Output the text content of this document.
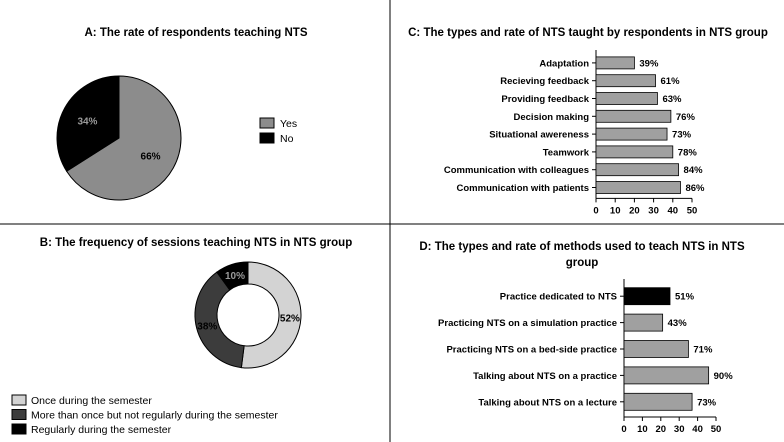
A: The rate of respondents teaching NTS
66%
34%	Yes
No
B: The frequency of sessions teaching NTS in NTS group
52%
38%
10%
Once during the semester
More than once but not regularly during the semester
Regularly during the semester
C: The types and rate of NTS taught by respondents in NTS group
Adaptation	39%
Recieving feedback	61%
Providing feedback	63%
Decision making	76%
Situational awereness	73%
Teamwork	78%
Communication with colleagues	84%
Communication with patients	86%
0 10 20 30 40 50
D: The types and rate of methods used to teach NTS in NTS group
Practice dedicated to NTS	51%
Practicing NTS on a simulation practice	43%
Practicing NTS on a bed-side practice	71%
Talking about NTS on a practice	90%
Talking about NTS on a lecture	73%
0 10 20 30 40 50
